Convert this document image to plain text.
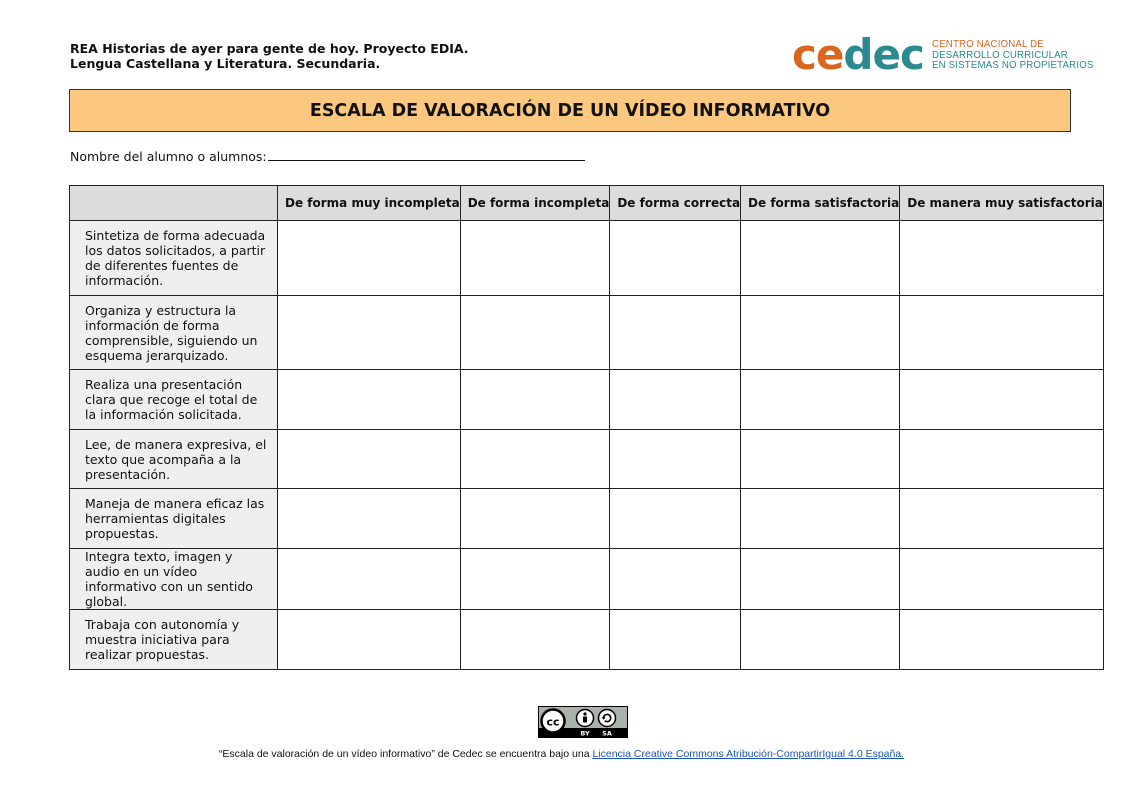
REA Historias de ayer para gente de hoy. Proyecto EDIA.
Lengua Castellana y Literatura. Secundaria.	cedec CENTRO NACIONAL DE
DESARROLLO CURRICULAR
EN SISTEMAS NO PROPIETARIOS
ESCALA DE VALORACIÓN DE UN VÍDEO INFORMATIVO
Nombre del alumno o alumnos:
	De forma muy incompleta	De forma incompleta	De forma correcta	De forma satisfactoria	De manera muy satisfactoria
Sintetiza de forma adecuada los datos solicitados, a partir de diferentes fuentes de información.					
Organiza y estructura la información de forma comprensible, siguiendo un esquema jerarquizado.					
Realiza una presentación clara que recoge el total de la información solicitada.					
Lee, de manera expresiva, el texto que acompaña a la presentación.					
Maneja de manera eficaz las herramientas digitales propuestas.					
Integra texto, imagen y audio en un vídeo informativo con un sentido global.					
Trabaja con autonomía y muestra iniciativa para realizar propuestas.					
cc
BY SA
“Escala de valoración de un vídeo informativo” de Cedec se encuentra bajo una Licencia Creative Commons Atribución-CompartirIgual 4.0 España.
